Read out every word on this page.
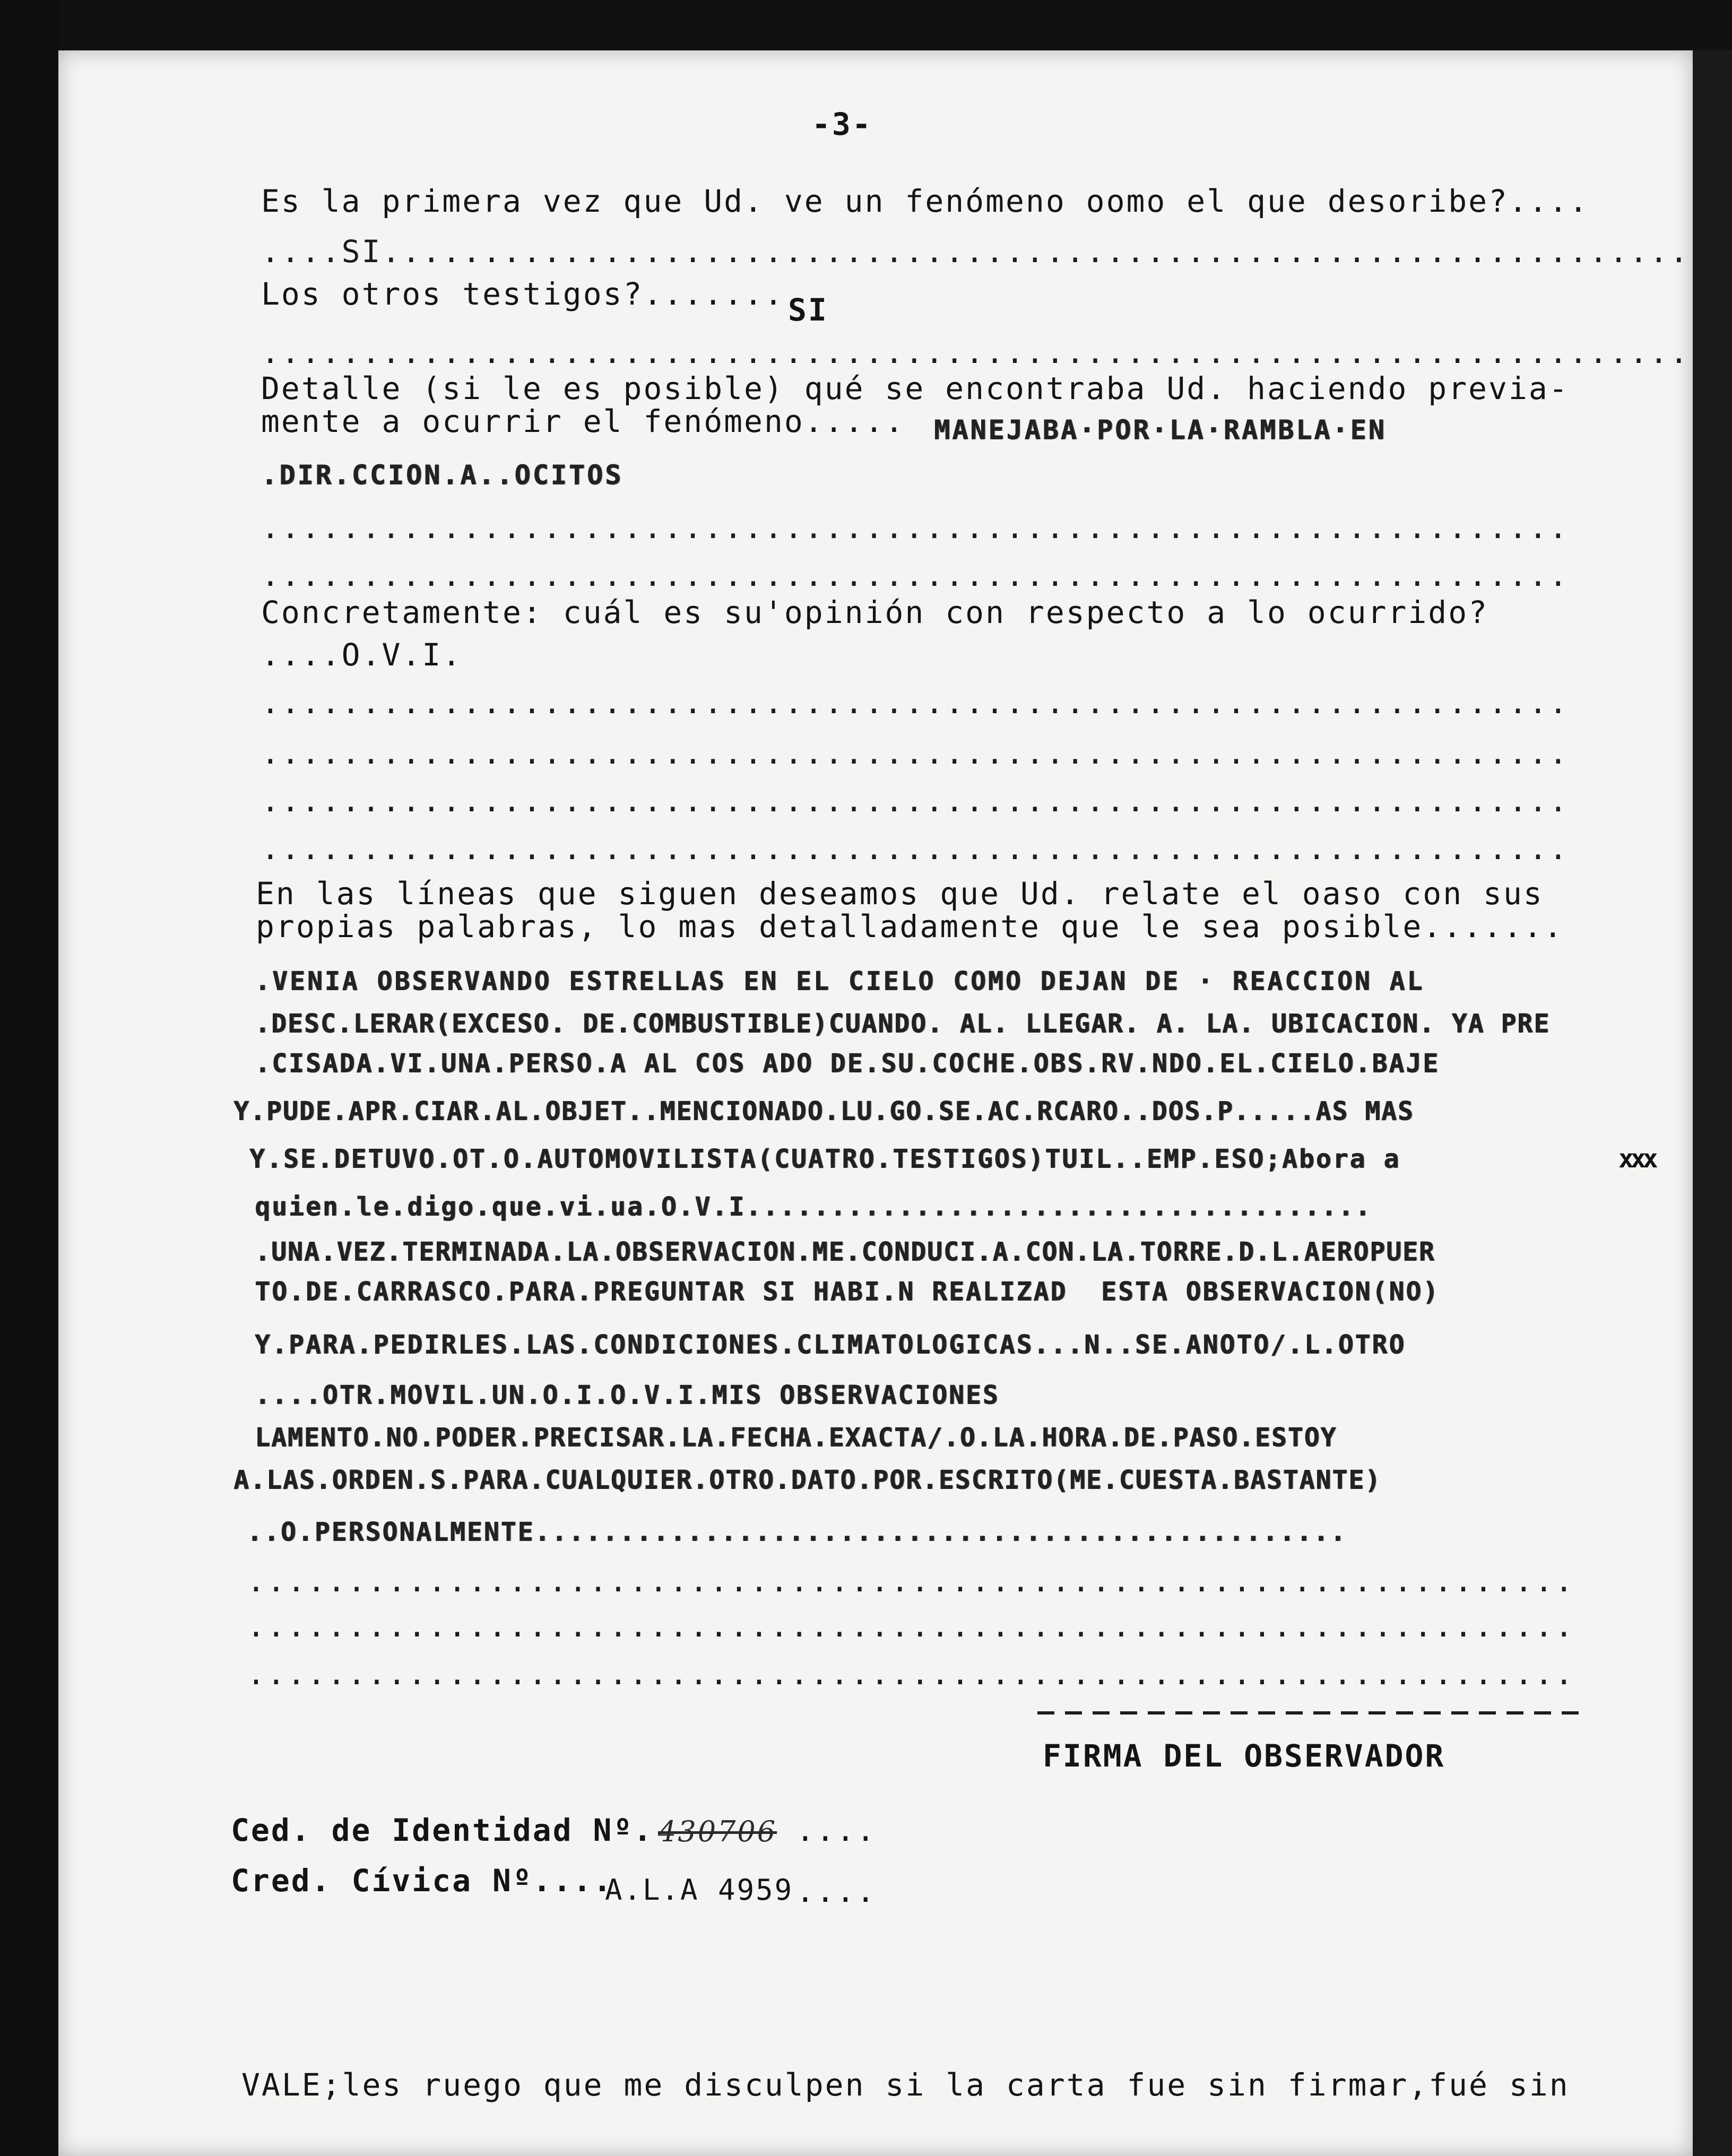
-3-
Es la primera vez que Ud. ve un fenómeno oomo el que desoribe?....
....SI.................................................................
Los otros testigos?....... SI
.........................................................................
Detalle (si le es posible) qué se encontraba Ud. haciendo previa-
mente a ocurrir el fenómeno..... MANEJABA·POR·LA·RAMBLA·EN
.DIR.CCION.A..OCITOS
.................................................................
.................................................................
Concretamente: cuál es su'opinión con respecto a lo ocurrido?
....O.V.I.
.................................................................
.................................................................
.................................................................
.................................................................
En las líneas que siguen deseamos que Ud. relate el oaso con sus
propias palabras, lo mas detalladamente que le sea posible.......
.VENIA OBSERVANDO ESTRELLAS EN EL CIELO COMO DEJAN DE · REACCION AL
.DESC.LERAR(EXCESO. DE.COMBUSTIBLE)CUANDO. AL. LLEGAR. A. LA. UBICACION. YA PRE
.CISADA.VI.UNA.PERSO.A AL COS ADO DE.SU.COCHE.OBS.RV.NDO.EL.CIELO.BAJE
Y.PUDE.APR.CIAR.AL.OBJET..MENCIONADO.LU.GO.SE.AC.RCARO..DOS.P.....AS MAS
Y.SE.DETUVO.OT.O.AUTOMOVILISTA(CUATRO.TESTIGOS)TUIL..EMP.ESO;Abora a	xxx
quien.le.digo.que.vi.ua.O.V.I.....................................
.UNA.VEZ.TERMINADA.LA.OBSERVACION.ME.CONDUCI.A.CON.LA.TORRE.D.L.AEROPUER
TO.DE.CARRASCO.PARA.PREGUNTAR SI HABI.N REALIZAD  ESTA OBSERVACION(NO)
Y.PARA.PEDIRLES.LAS.CONDICIONES.CLIMATOLOGICAS...N..SE.ANOTO/.L.OTRO
....OTR.MOVIL.UN.O.I.O.V.I.MIS OBSERVACIONES
LAMENTO.NO.PODER.PRECISAR.LA.FECHA.EXACTA/.O.LA.HORA.DE.PASO.ESTOY
A.LAS.ORDEN.S.PARA.CUALQUIER.OTRO.DATO.POR.ESCRITO(ME.CUESTA.BASTANTE)
..O.PERSONALMENTE................................................
..................................................................
..................................................................
..................................................................
FIRMA DEL OBSERVADOR
Ced. de Identidad Nº. 430706 ....
Cred. Cívica Nº....
A.L.A 4959 ....
VALE;les ruego que me disculpen si la carta fue sin firmar,fué sin
